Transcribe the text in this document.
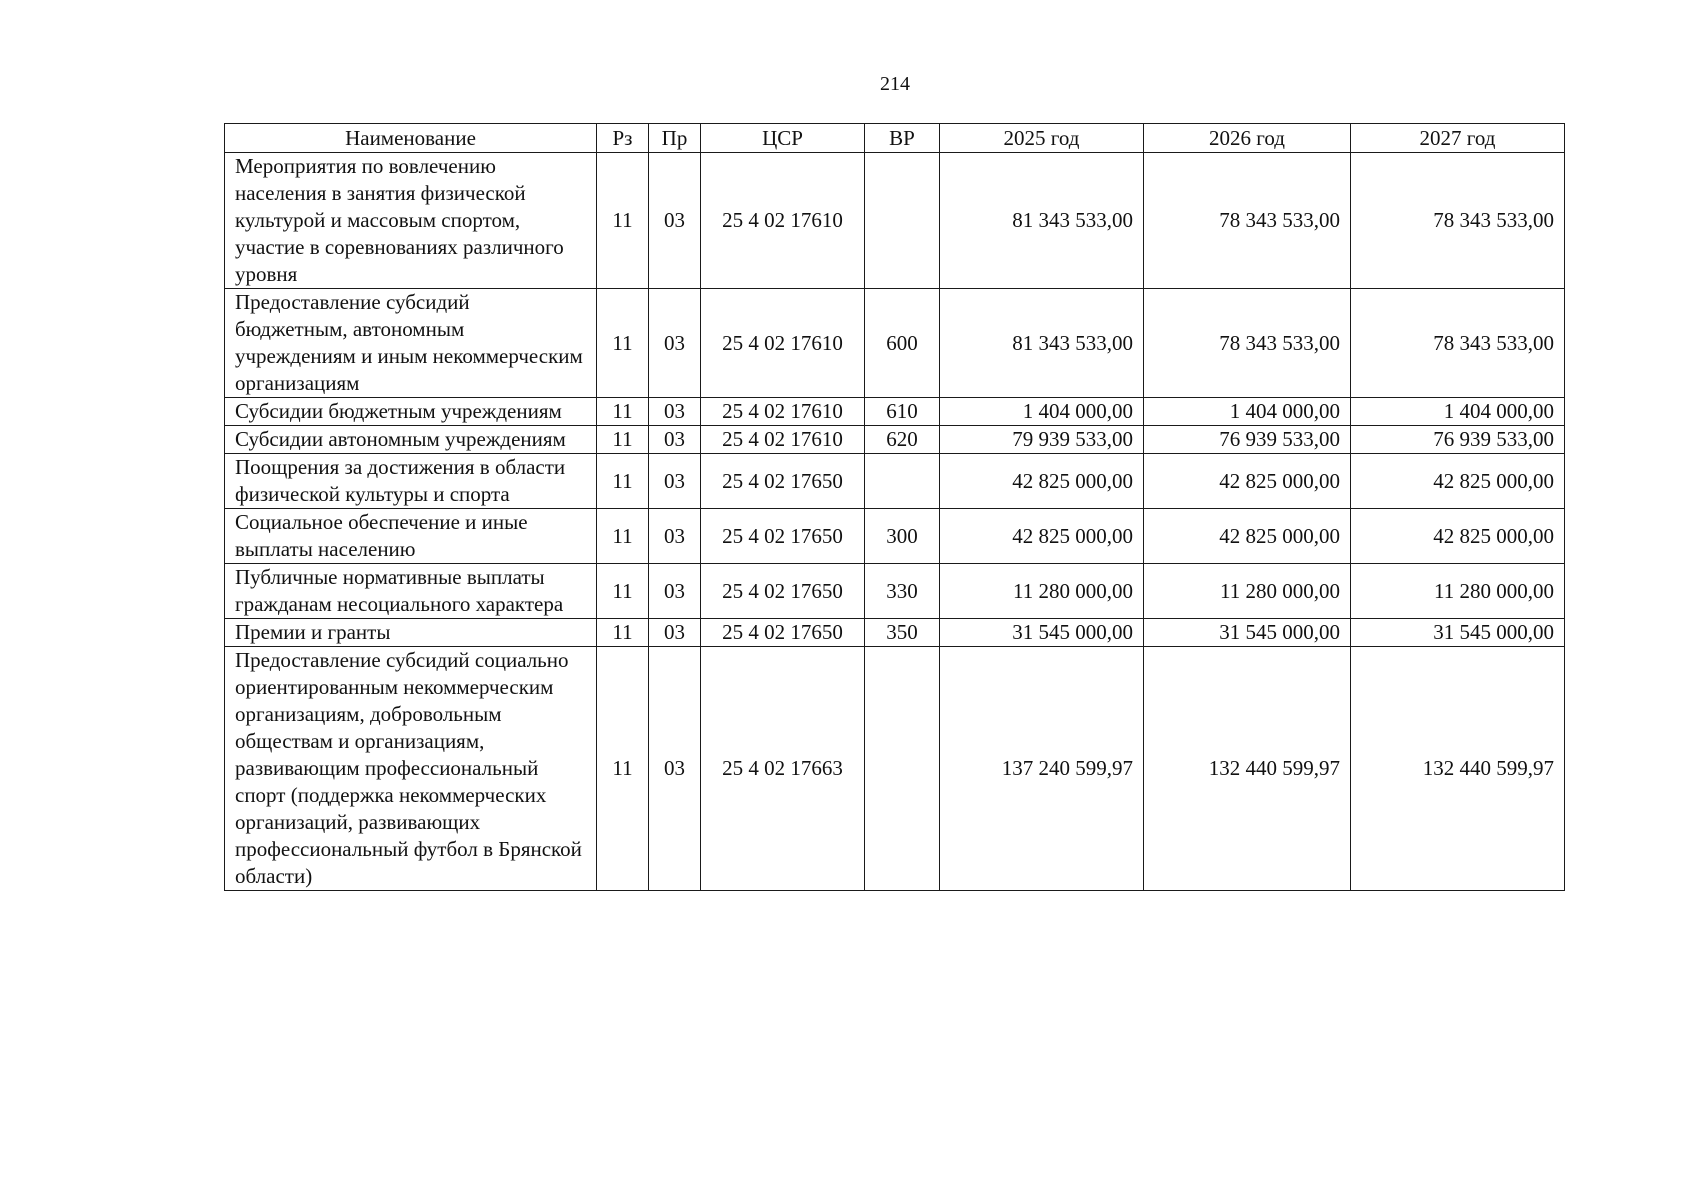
214
Наименование	Рз	Пр	ЦСР	ВР	2025 год	2026 год	2027 год
Мероприятия по вовлечению населения в занятия физической культурой и массовым спортом, участие в соревнованиях различного уровня	11	03	25 4 02 17610		81 343 533,00	78 343 533,00	78 343 533,00
Предоставление субсидий бюджетным, автономным учреждениям и иным некоммерческим организациям	11	03	25 4 02 17610	600	81 343 533,00	78 343 533,00	78 343 533,00
Субсидии бюджетным учреждениям	11	03	25 4 02 17610	610	1 404 000,00	1 404 000,00	1 404 000,00
Субсидии автономным учреждениям	11	03	25 4 02 17610	620	79 939 533,00	76 939 533,00	76 939 533,00
Поощрения за достижения в области физической культуры и спорта	11	03	25 4 02 17650		42 825 000,00	42 825 000,00	42 825 000,00
Социальное обеспечение и иные выплаты населению	11	03	25 4 02 17650	300	42 825 000,00	42 825 000,00	42 825 000,00
Публичные нормативные выплаты гражданам несоциального характера	11	03	25 4 02 17650	330	11 280 000,00	11 280 000,00	11 280 000,00
Премии и гранты	11	03	25 4 02 17650	350	31 545 000,00	31 545 000,00	31 545 000,00
Предоставление субсидий социально ориентированным некоммерческим организациям, добровольным обществам и организациям, развивающим профессиональный спорт (поддержка некоммерческих организаций, развивающих профессиональный футбол в Брянской области)	11	03	25 4 02 17663		137 240 599,97	132 440 599,97	132 440 599,97
